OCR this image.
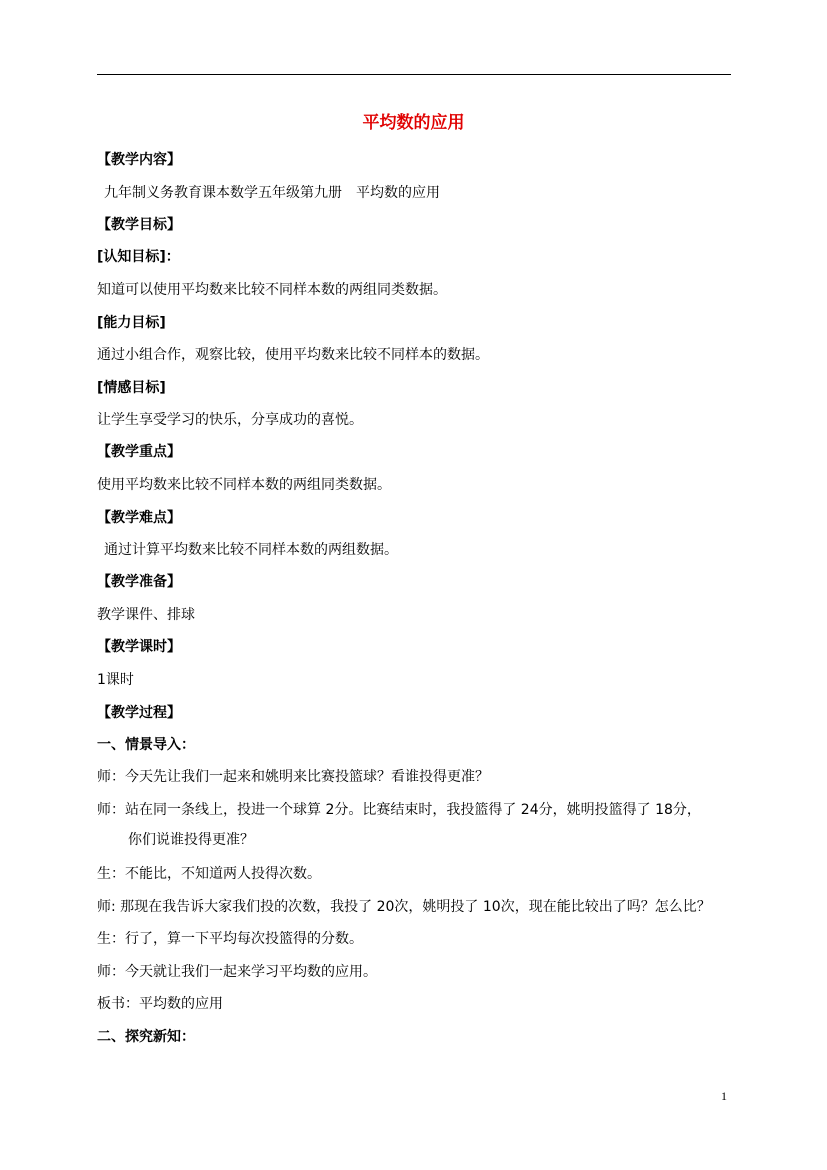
平均数的应用
【教学内容】
九年制义务教育课本数学五年级第九册　平均数的应用
【教学目标】
[认知目标]：
知道可以使用平均数来比较不同样本数的两组同类数据。
[能力目标]
通过小组合作，观察比较，使用平均数来比较不同样本的数据。
[情感目标]
让学生享受学习的快乐，分享成功的喜悦。
【教学重点】
使用平均数来比较不同样本数的两组同类数据。
【教学难点】
通过计算平均数来比较不同样本数的两组数据。
【教学准备】
教学课件、排球
【教学课时】
1课时
【教学过程】
一、情景导入：
师：今天先让我们一起来和姚明来比赛投篮球？看谁投得更准？
师：站在同一条线上，投进一个球算 2分。比赛结束时，我投篮得了 24分，姚明投篮得了 18分，
你们说谁投得更准？
生：不能比，不知道两人投得次数。
师: 那现在我告诉大家我们投的次数，我投了 20次，姚明投了 10次，现在能比较出了吗？怎么比？
生：行了，算一下平均每次投篮得的分数。
师：今天就让我们一起来学习平均数的应用。
板书：平均数的应用
二、探究新知：
1
